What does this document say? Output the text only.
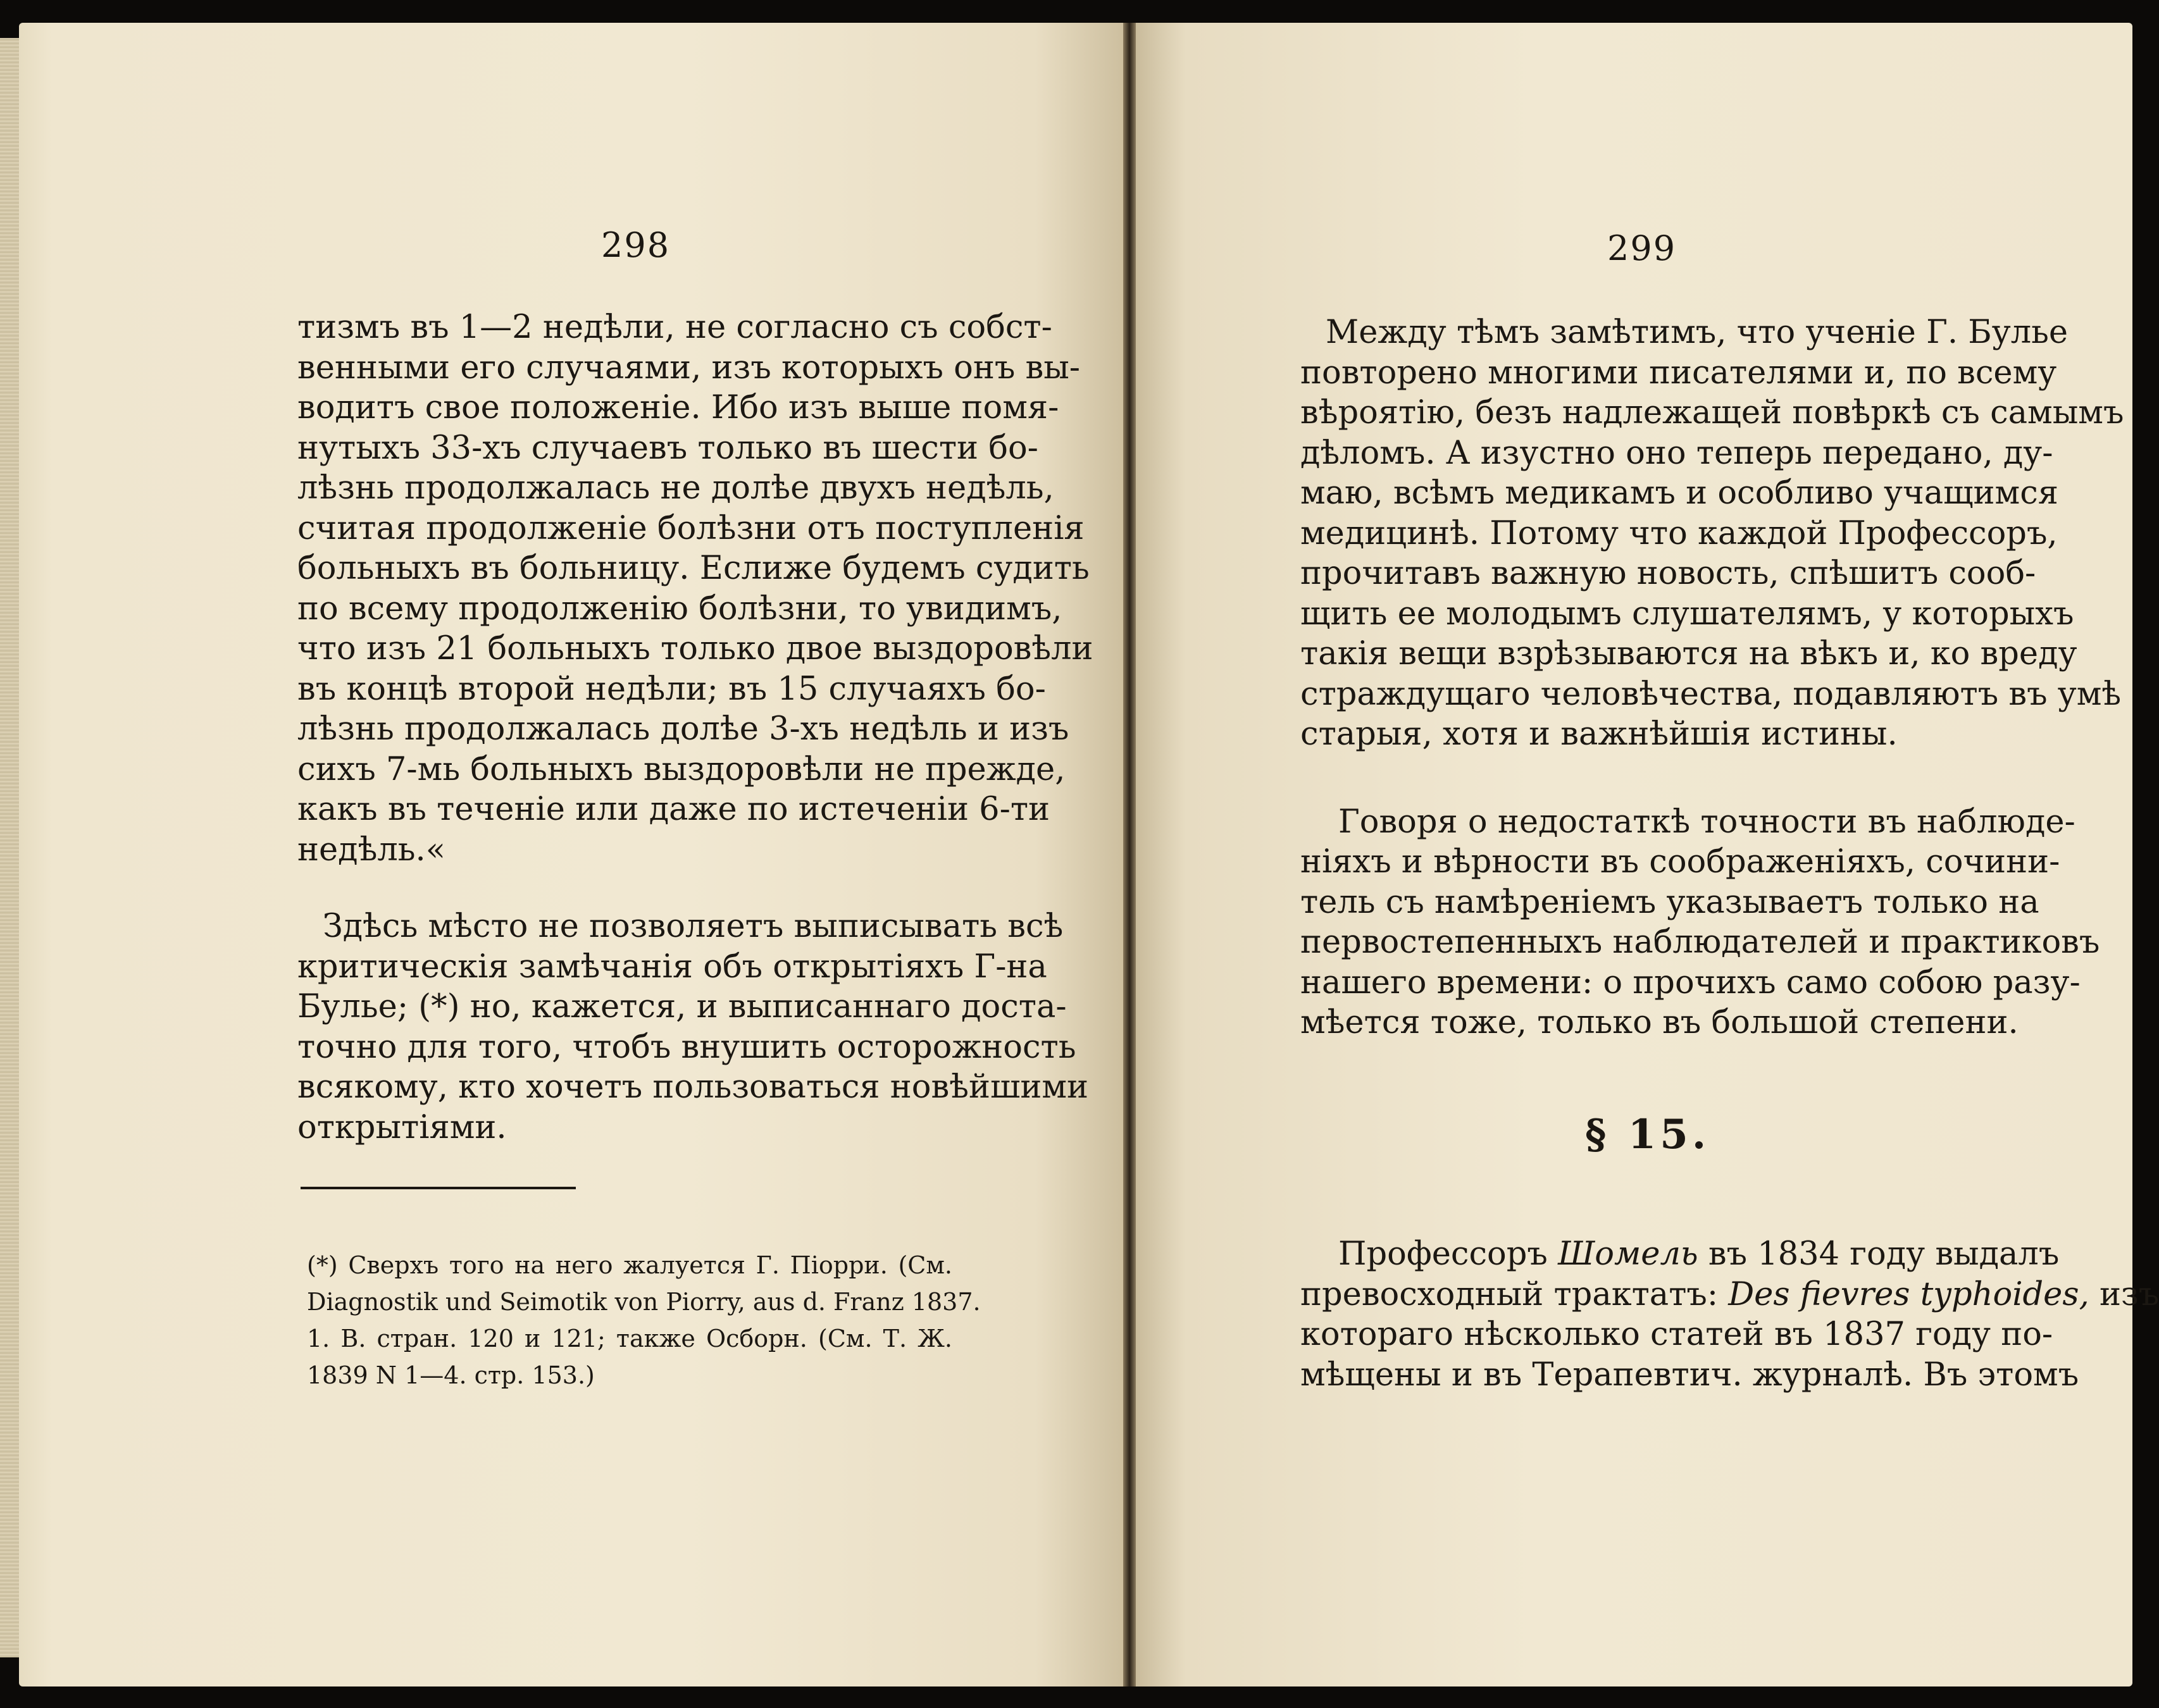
298
тизмъ въ 1—2 недѣли, не согласно съ собст-
венными его случаями, изъ которыхъ онъ вы-
водитъ свое положеніе. Ибо изъ выше помя-
нутыхъ 33-хъ случаевъ только въ шести бо-
лѣзнь продолжалась не долѣе двухъ недѣль,
считая продолженіе болѣзни отъ поступленія
больныхъ въ больницу. Еслиже будемъ судить
по всему продолженію болѣзни, то увидимъ,
что изъ 21 больныхъ только двое выздоровѣли
въ концѣ второй недѣли; въ 15 случаяхъ бо-
лѣзнь продолжалась долѣе 3-хъ недѣль и изъ
сихъ 7-мь больныхъ выздоровѣли не прежде,
какъ въ теченіе или даже по истеченіи 6-ти
недѣль.«
Здѣсь мѣсто не позволяетъ выписывать всѣ
критическія замѣчанія объ открытіяхъ Г-на
Булье; (*) но, кажется, и выписаннаго доста-
точно для того, чтобъ внушить осторожность
всякому, кто хочетъ пользоваться новѣйшими
открытіями.
(*) Сверхъ того на него жалуется Г. Піорри. (См.
Diagnostik und Seimotik von Piorry, aus d. Franz 1837.
1. B. стран. 120 и 121; также Осборн. (См. Т. Ж.
1839 N 1—4. стр. 153.)
299
Между тѣмъ замѣтимъ, что ученіе Г. Булье
повторено многими писателями и, по всему
вѣроятію, безъ надлежащей повѣркѣ съ самымъ
дѣломъ. А изустно оно теперь передано, ду-
маю, всѣмъ медикамъ и особливо учащимся
медицинѣ. Потому что каждой Профессоръ,
прочитавъ важную новость, спѣшитъ сооб-
щить ее молодымъ слушателямъ, у которыхъ
такія вещи взрѣзываются на вѣкъ и, ко вреду
страждущаго человѣчества, подавляютъ въ умѣ
старыя, хотя и важнѣйшія истины.
Говоря о недостаткѣ точности въ наблюде-
ніяхъ и вѣрности въ соображеніяхъ, сочини-
тель съ намѣреніемъ указываетъ только на
первостепенныхъ наблюдателей и практиковъ
нашего времени: о прочихъ само собою разу-
мѣется тоже, только въ большой степени.
§ 15.
Профессоръ Шомель въ 1834 году выдалъ
превосходный трактатъ: Des fievres typhoides, изъ
котораго нѣсколько статей въ 1837 году по-
мѣщены и въ Терапевтич. журналѣ. Въ этомъ
